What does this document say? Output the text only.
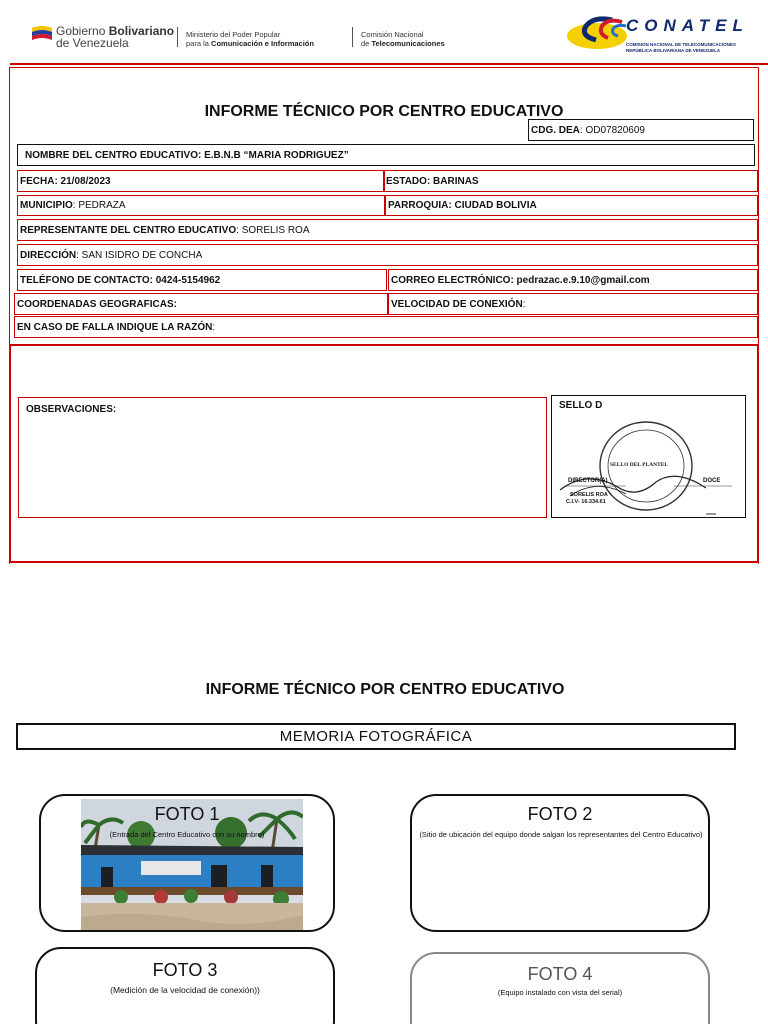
Gobierno Bolivariano
de Venezuela
Ministerio del Poder Popular
para la Comunicación e Información
Comisión Nacional
de Telecomunicaciones
CONATEL
COMISION NACIONAL DE TELECOMUNICACIONES
REPÚBLICA BOLIVARIANA DE VENEZUELA
INFORME TÉCNICO POR CENTRO EDUCATIVO
CDG. DEA : OD07820609
NOMBRE DEL CENTRO EDUCATIVO: E.B.N.B “MARIA RODRIGUEZ”
FECHA: 21/08/2023	ESTADO: BARINAS
MUNICIPIO : PEDRAZA	PARROQUIA: CIUDAD BOLIVIA
REPRESENTANTE DEL CENTRO EDUCATIVO : SORELIS ROA
DIRECCIÓN : SAN ISIDRO DE CONCHA
TELÉFONO DE CONTACTO: 0424-5154962	CORREO ELECTRÓNICO: pedrazac.e.9.10@gmail.com
COORDENADAS GEOGRAFICAS:	VELOCIDAD DE CONEXIÓN :
EN CASO DE FALLA INDIQUE LA RAZÓN :
OBSERVACIONES:	SELLO D
SELLO DEL PLANTEL
DIRECTOR(A)	DOCE
SORELIS ROA
C.I.V- 16.334.61
INFORME TÉCNICO POR CENTRO EDUCATIVO
MEMORIA FOTOGRÁFICA
FOTO 1
(Entrada del Centro Educativo con su nombre)
FOTO 2
(Sitio de ubicación del equipo donde salgan los representantes del Centro Educativo)
FOTO 3
(Medición de la velocidad de conexión))
FOTO 4
(Equipo instalado con vista del serial)
